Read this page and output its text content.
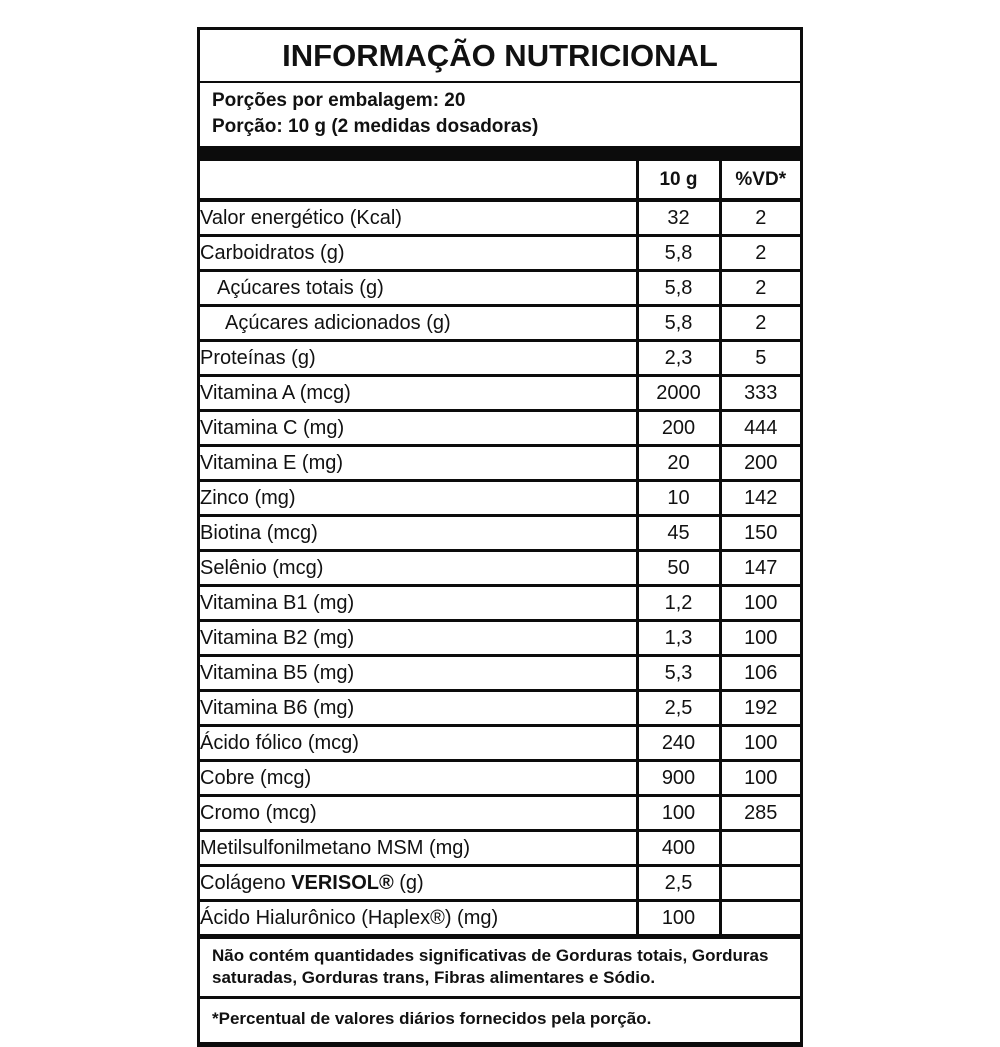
INFORMAÇÃO NUTRICIONAL
Porções por embalagem: 20
Porção: 10 g (2 medidas dosadoras)
	10 g	%VD*
Valor energético (Kcal)	32	2
Carboidratos (g)	5,8	2
Açúcares totais (g)	5,8	2
Açúcares adicionados (g)	5,8	2
Proteínas (g)	2,3	5
Vitamina A (mcg)	2000	333
Vitamina C (mg)	200	444
Vitamina E (mg)	20	200
Zinco (mg)	10	142
Biotina (mcg)	45	150
Selênio (mcg)	50	147
Vitamina B1 (mg)	1,2	100
Vitamina B2 (mg)	1,3	100
Vitamina B5 (mg)	5,3	106
Vitamina B6 (mg)	2,5	192
Ácido fólico (mcg)	240	100
Cobre (mcg)	900	100
Cromo (mcg)	100	285
Metilsulfonilmetano MSM (mg)	400	
Colágeno VERISOL® (g)	2,5	
Ácido Hialurônico (Haplex®) (mg)	100	
Não contém quantidades significativas de Gorduras totais, Gorduras saturadas, Gorduras trans, Fibras alimentares e Sódio.
*Percentual de valores diários fornecidos pela porção.
